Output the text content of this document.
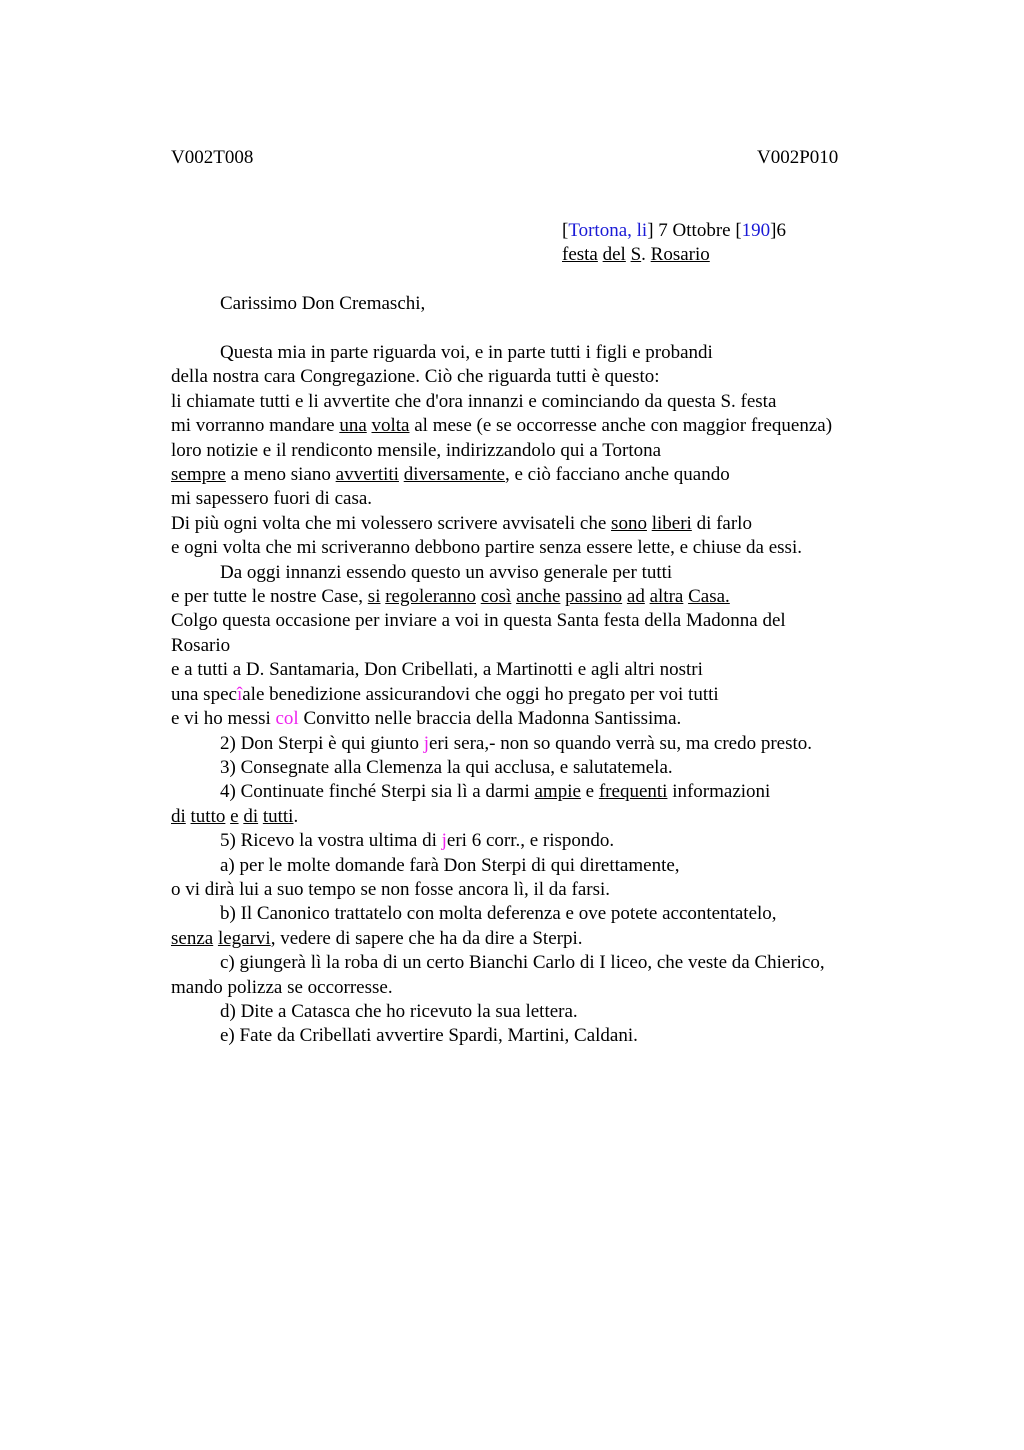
V002T008	V002P010
[Tortona, li] 7 Ottobre [190]6
festa del S. Rosario
Carissimo Don Cremaschi,
Questa mia in parte riguarda voi, e in parte tutti i figli e probandi
della nostra cara Congregazione. Ciò che riguarda tutti è questo:
li chiamate tutti e li avvertite che d'ora innanzi e cominciando da questa S. festa
mi vorranno mandare una volta al mese (e se occorresse anche con maggior frequenza)
loro notizie e il rendiconto mensile, indirizzandolo qui a Tortona
sempre a meno siano avvertiti diversamente, e ciò facciano anche quando
mi sapessero fuori di casa.
Di più ogni volta che mi volessero scrivere avvisateli che sono liberi di farlo
e ogni volta che mi scriveranno debbono partire senza essere lette, e chiuse da essi.
Da oggi innanzi essendo questo un avviso generale per tutti
e per tutte le nostre Case, si regoleranno così anche passino ad altra Casa.
Colgo questa occasione per inviare a voi in questa Santa festa della Madonna del
Rosario
e a tutti a D. Santamaria, Don Cribellati, a Martinotti e agli altri nostri
una specîale benedizione assicurandovi che oggi ho pregato per voi tutti
e vi ho messi col Convitto nelle braccia della Madonna Santissima.
2) Don Sterpi è qui giunto jeri sera,- non so quando verrà su, ma credo presto.
3) Consegnate alla Clemenza la qui acclusa, e salutatemela.
4) Continuate finché Sterpi sia lì a darmi ampie e frequenti informazioni
di tutto e di tutti.
5) Ricevo la vostra ultima di jeri 6 corr., e rispondo.
a) per le molte domande farà Don Sterpi di qui direttamente,
o vi dirà lui a suo tempo se non fosse ancora lì, il da farsi.
b) Il Canonico trattatelo con molta deferenza e ove potete accontentatelo,
senza legarvi, vedere di sapere che ha da dire a Sterpi.
c) giungerà lì la roba di un certo Bianchi Carlo di I liceo, che veste da Chierico,
mando polizza se occorresse.
d) Dite a Catasca che ho ricevuto la sua lettera.
e) Fate da Cribellati avvertire Spardi, Martini, Caldani.
